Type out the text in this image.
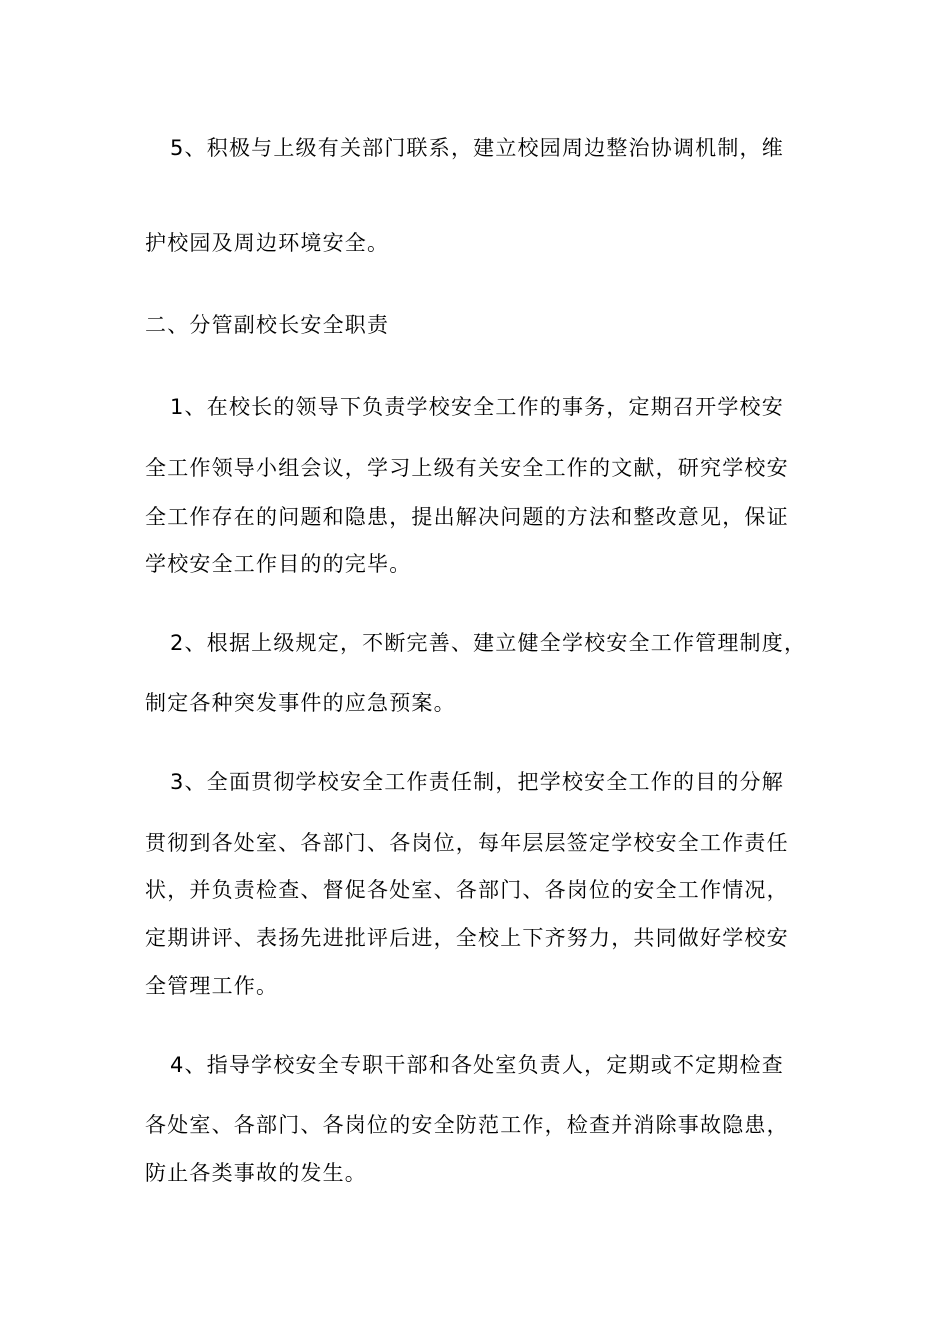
5、积极与上级有关部门联系，建立校园周边整治协调机制，维
护校园及周边环境安全。
二、分管副校长安全职责
1、在校长的领导下负责学校安全工作的事务，定期召开学校安
全工作领导小组会议，学习上级有关安全工作的文献，研究学校安
全工作存在的问题和隐患，提出解决问题的方法和整改意见，保证
学校安全工作目的的完毕。
2、根据上级规定，不断完善、建立健全学校安全工作管理制度，
制定各种突发事件的应急预案。
3、全面贯彻学校安全工作责任制，把学校安全工作的目的分解
贯彻到各处室、各部门、各岗位，每年层层签定学校安全工作责任
状，并负责检查、督促各处室、各部门、各岗位的安全工作情况，
定期讲评、表扬先进批评后进，全校上下齐努力，共同做好学校安
全管理工作。
4、指导学校安全专职干部和各处室负责人，定期或不定期检查
各处室、各部门、各岗位的安全防范工作，检查并消除事故隐患，
防止各类事故的发生。
